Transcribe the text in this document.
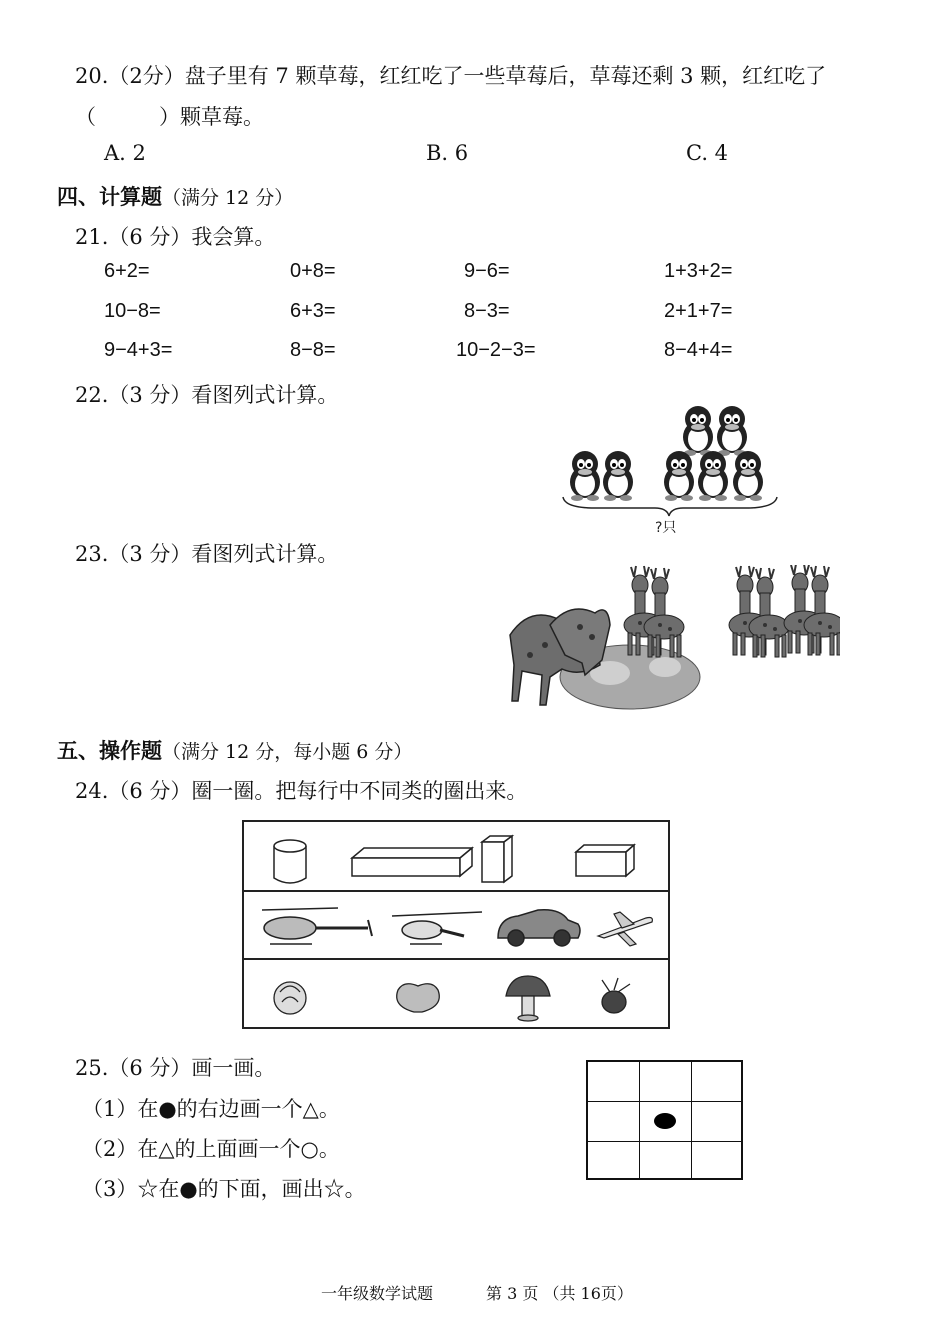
20.（2分）盘子里有 7 颗草莓，红红吃了一些草莓后，草莓还剩 3 颗，红红吃了
（　　　）颗草莓。
A. 2	B. 6	C. 4
四、计算题（满分 12 分）
21.（6 分）我会算。
6+2=	0+8=	9−6=	1+3+2=
10−8=	6+3=	8−3=	2+1+7=
9−4+3=	8−8=	10−2−3=	8−4+4=
22.（3 分）看图列式计算。
?只
23.（3 分）看图列式计算。
五、操作题（满分 12 分，每小题 6 分）
24.（6 分）圈一圈。把每行中不同类的圈出来。
25.（6 分）画一画。
（1）在●的右边画一个△。
（2）在△的上面画一个○。
（3）☆在●的下面，画出☆。
一年级数学试题	第 3 页 （共 16页）
